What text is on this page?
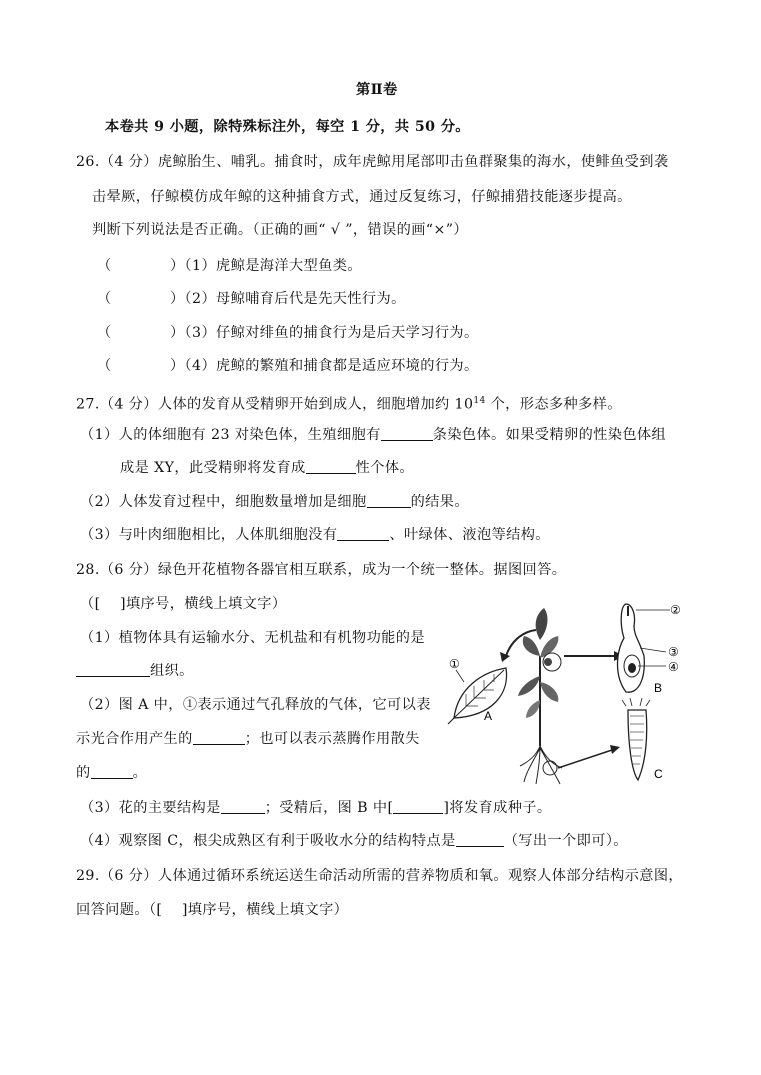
第Ⅱ卷
本卷共 9 小题，除特殊标注外，每空 1 分，共 50 分。
26.（4 分）虎鲸胎生、哺乳。捕食时，成年虎鲸用尾部叩击鱼群聚集的海水，使鲱鱼受到袭
击晕厥，仔鲸模仿成年鲸的这种捕食方式，通过反复练习，仔鲸捕猎技能逐步提高。
判断下列说法是否正确。（正确的画“ √ ”，错误的画“×”）
（　　　　）（1）虎鲸是海洋大型鱼类。
（　　　　）（2）母鲸哺育后代是先天性行为。
（　　　　）（3）仔鲸对绯鱼的捕食行为是后天学习行为。
（　　　　）（4）虎鲸的繁殖和捕食都是适应环境的行为。
27.（4 分）人体的发育从受精卵开始到成人，细胞增加约 $10^{14}$ 个，形态多种多样。
（1）人的体细胞有 23 对染色体，生殖细胞有	条染色体。如果受精卵的性染色体组
成是 XY，此受精卵将发育成	性个体。
（2）人体发育过程中，细胞数量增加是细胞	的结果。
（3）与叶肉细胞相比，人体肌细胞没有	、叶绿体、液泡等结构。
28.（6 分）绿色开花植物各器官相互联系，成为一个统一整体。据图回答。
（[　 ]填序号，横线上填文字）
（1）植物体具有运输水分、无机盐和有机物功能的是
组织。
（2）图 A 中，①表示通过气孔释放的气体，它可以表
示光合作用产生的	；也可以表示蒸腾作用散失
的	。
（3）花的主要结构是	；受精后，图 B 中[	]将发育成种子。
（4）观察图 C，根尖成熟区有利于吸收水分的结构特点是	（写出一个即可）。
29.（6 分）人体通过循环系统运送生命活动所需的营养物质和氧。观察人体部分结构示意图，
回答问题。（[　 ]填序号，横线上填文字）
①
A
②
③
④
B
C
